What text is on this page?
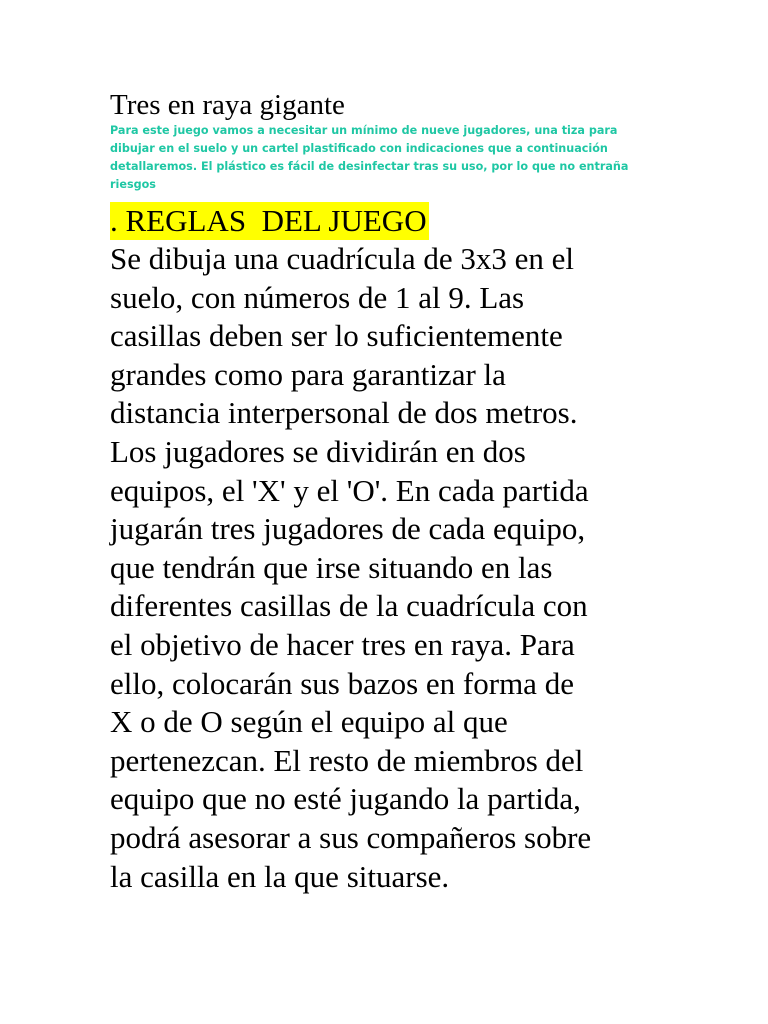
Tres en raya gigante

Para este juego vamos a necesitar un mínimo de nueve jugadores, una tiza para
dibujar en el suelo y un cartel plastificado con indicaciones que a continuación
detallaremos. El plástico es fácil de desinfectar tras su uso, por lo que no entraña
riesgos

. REGLAS  DEL JUEGO

Se dibuja una cuadrícula de 3x3 en el
suelo, con números de 1 al 9. Las
casillas deben ser lo suficientemente
grandes como para garantizar la
distancia interpersonal de dos metros.
Los jugadores se dividirán en dos
equipos, el 'X' y el 'O'. En cada partida
jugarán tres jugadores de cada equipo,
que tendrán que irse situando en las
diferentes casillas de la cuadrícula con
el objetivo de hacer tres en raya. Para
ello, colocarán sus bazos en forma de
X o de O según el equipo al que
pertenezcan. El resto de miembros del
equipo que no esté jugando la partida,
podrá asesorar a sus compañeros sobre
la casilla en la que situarse.
